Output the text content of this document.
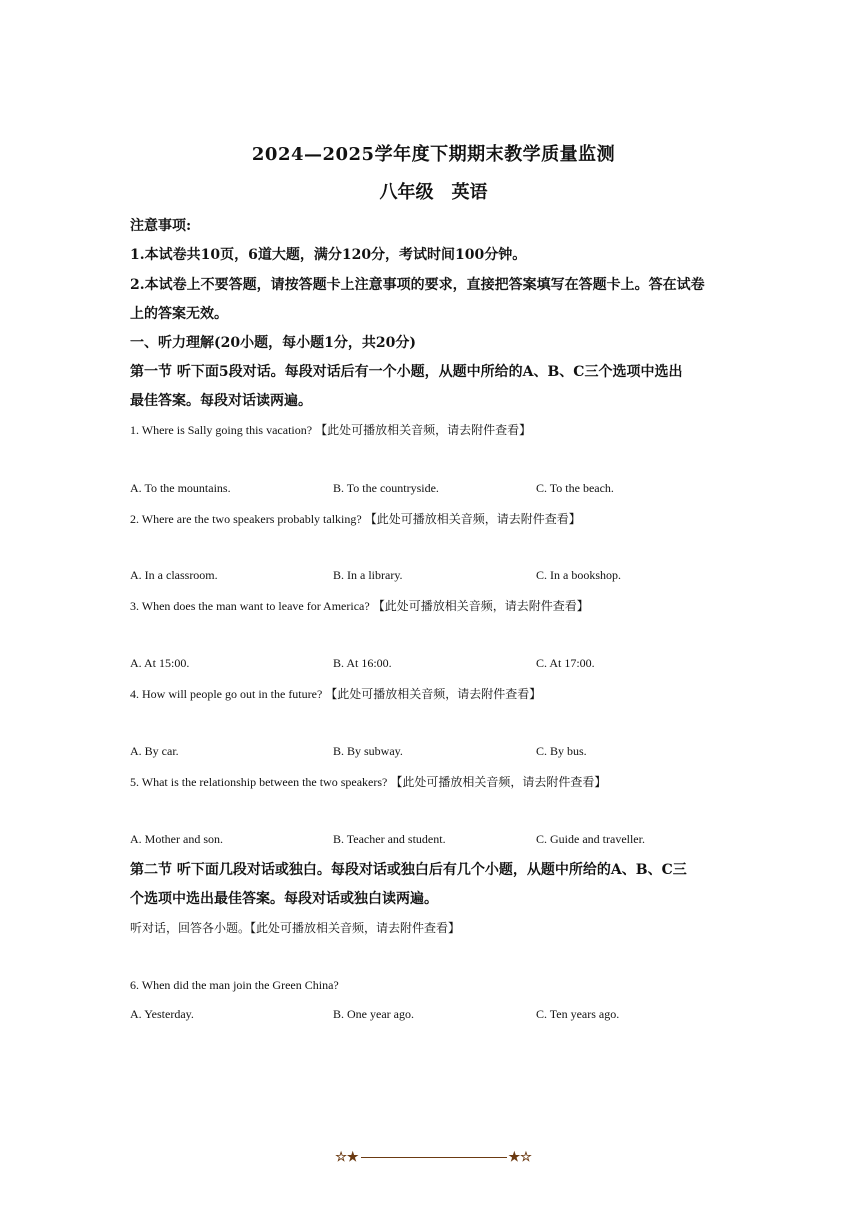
2024—2025学年度下期期末教学质量监测
八年级 英语
注意事项:
1.本试卷共10页，6道大题，满分120分，考试时间100分钟。
2.本试卷上不要答题，请按答题卡上注意事项的要求，直接把答案填写在答题卡上。答在试卷
上的答案无效。
一、听力理解(20小题，每小题1分，共20分)
第一节 听下面5段对话。每段对话后有一个小题，从题中所给的A、B、C三个选项中选出
最佳答案。每段对话读两遍。
1. Where is Sally going this vacation? 【此处可播放相关音频，请去附件查看】
A. To the mountains.	B. To the countryside.	C. To the beach.
2. Where are the two speakers probably talking? 【此处可播放相关音频，请去附件查看】
A. In a classroom.	B. In a library.	C. In a bookshop.
3. When does the man want to leave for America? 【此处可播放相关音频，请去附件查看】
A. At 15:00.	B. At 16:00.	C. At 17:00.
4. How will people go out in the future? 【此处可播放相关音频，请去附件查看】
A. By car.	B. By subway.	C. By bus.
5. What is the relationship between the two speakers? 【此处可播放相关音频，请去附件查看】
A. Mother and son.	B. Teacher and student.	C. Guide and traveller.
第二节 听下面几段对话或独白。每段对话或独白后有几个小题，从题中所给的A、B、C三
个选项中选出最佳答案。每段对话或独白读两遍。
听对话，回答各小题。【此处可播放相关音频，请去附件查看】
6. When did the man join the Green China?
A. Yesterday.	B. One year ago.	C. Ten years ago.
☆★	★☆
